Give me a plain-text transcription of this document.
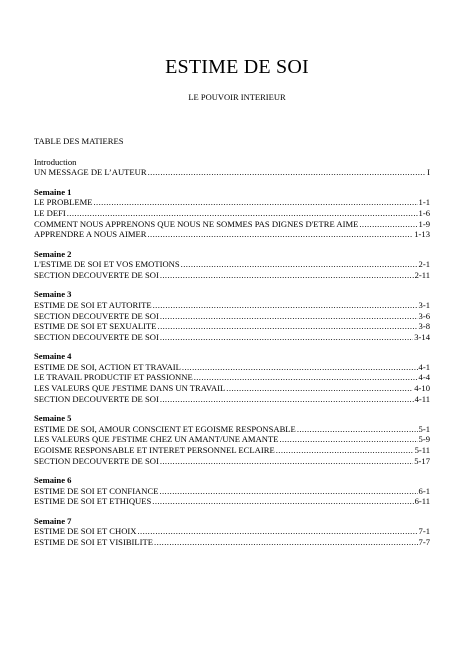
ESTIME DE SOI
LE POUVOIR INTERIEUR
TABLE DES MATIERES
Introduction
UN MESSAGE DE L’AUTEUR .....	I
Semaine 1
LE PROBLEME .....	1-1
LE DEFI .....	1-6
COMMENT NOUS APPRENONS QUE NOUS NE SOMMES PAS DIGNES D'ETRE AIME .....	1-9
APPRENDRE A NOUS AIMER .....	1-13
Semaine 2
L'ESTIME DE SOI ET VOS EMOTIONS .....	2-1
SECTION DECOUVERTE DE SOI .....	2-11
Semaine 3
ESTIME DE SOI ET AUTORITE .....	3-1
SECTION DECOUVERTE DE SOI .....	3-6
ESTIME DE SOI ET SEXUALITE .....	3-8
SECTION DECOUVERTE DE SOI .....	3-14
Semaine 4
ESTIME DE SOI, ACTION ET TRAVAIL .....	4-1
LE TRAVAIL PRODUCTIF ET PASSIONNE .....	4-4
LES VALEURS QUE J'ESTIME DANS UN TRAVAIL .....	4-10
SECTION DECOUVERTE DE SOI .....	4-11
Semaine 5
ESTIME DE SOI, AMOUR CONSCIENT ET EGOISME RESPONSABLE .....	5-1
LES VALEURS QUE J'ESTIME CHEZ UN AMANT/UNE AMANTE .....	5-9
EGOISME RESPONSABLE ET INTERET PERSONNEL ECLAIRE .....	5-11
SECTION DECOUVERTE DE SOI .....	5-17
Semaine 6
ESTIME DE SOI ET CONFIANCE .....	6-1
ESTIME DE SOI ET ETHIQUES .....	6-11
Semaine 7
ESTIME DE SOI ET CHOIX .....	7-1
ESTIME DE SOI ET VISIBILITE .....	7-7
